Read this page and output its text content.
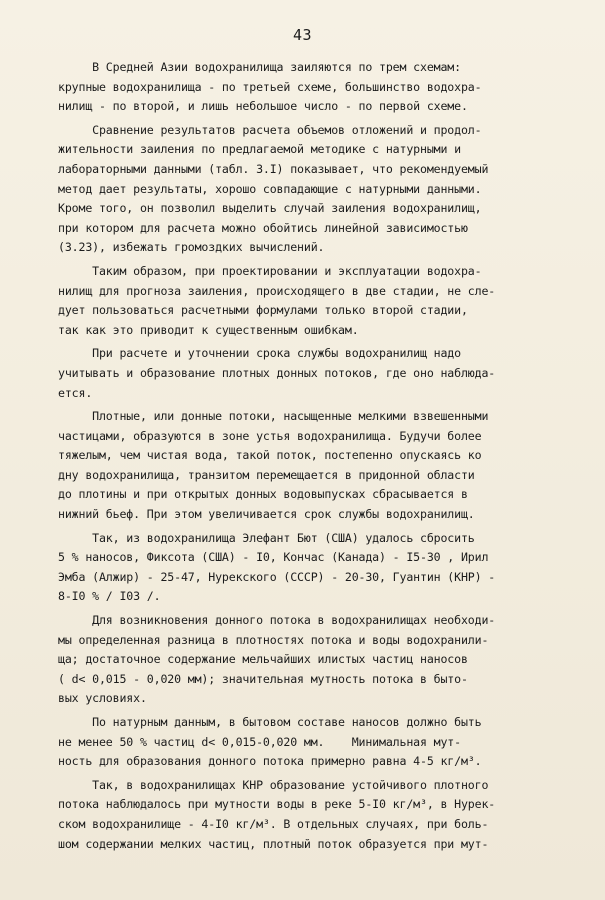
43
В Средней Азии водохранилища заиляются по трем схемам:
крупные водохранилища - по третьей схеме, большинство водохра-
нилищ - по второй, и лишь небольшое число - по первой схеме.
Сравнение результатов расчета объемов отложений и продол-
жительности заиления по предлагаемой методике с натурными и
лабораторными данными (табл. 3.I) показывает, что рекомендуемый
метод дает результаты, хорошо совпадающие с натурными данными.
Кроме того, он позволил выделить случай заиления водохранилищ,
при котором для расчета можно обойтись линейной зависимостью
(3.23), избежать громоздких вычислений.
Таким образом, при проектировании и эксплуатации водохра-
нилищ для прогноза заиления, происходящего в две стадии, не сле-
дует пользоваться расчетными формулами только второй стадии,
так как это приводит к существенным ошибкам.
При расчете и уточнении срока службы водохранилищ надо
учитывать и образование плотных донных потоков, где оно наблюда-
ется.
Плотные, или донные потоки, насыщенные мелкими взвешенными
частицами, образуются в зоне устья водохранилища. Будучи более
тяжелым, чем чистая вода, такой поток, постепенно опускаясь ко
дну водохранилища, транзитом перемещается в придонной области
до плотины и при открытых донных водовыпусках сбрасывается в
нижний бьеф. При этом увеличивается срок службы водохранилищ.
Так, из водохранилища Элефант Бют (США) удалось сбросить
5 % наносов, Фиксота (США) - I0, Кончас (Канада) - I5-30 , Ирил
Эмба (Алжир) - 25-47, Нурекского (СССР) - 20-30, Гуантин (КНР) -
8-I0 % / I03 /.
Для возникновения донного потока в водохранилищах необходи-
мы определенная разница в плотностях потока и воды водохранили-
ща; достаточное содержание мельчайших илистых частиц наносов
( d< 0,015 - 0,020 мм); значительная мутность потока в быто-
вых условиях.
По натурным данным, в бытовом составе наносов должно быть
не менее 50 % частиц d< 0,015-0,020 мм.    Минимальная мут-
ность для образования донного потока примерно равна 4-5 кг/м³.
Так, в водохранилищах КНР образование устойчивого плотного
потока наблюдалось при мутности воды в реке 5-I0 кг/м³, в Нурек-
ском водохранилище - 4-I0 кг/м³. В отдельных случаях, при боль-
шом содержании мелких частиц, плотный поток образуется при мут-
